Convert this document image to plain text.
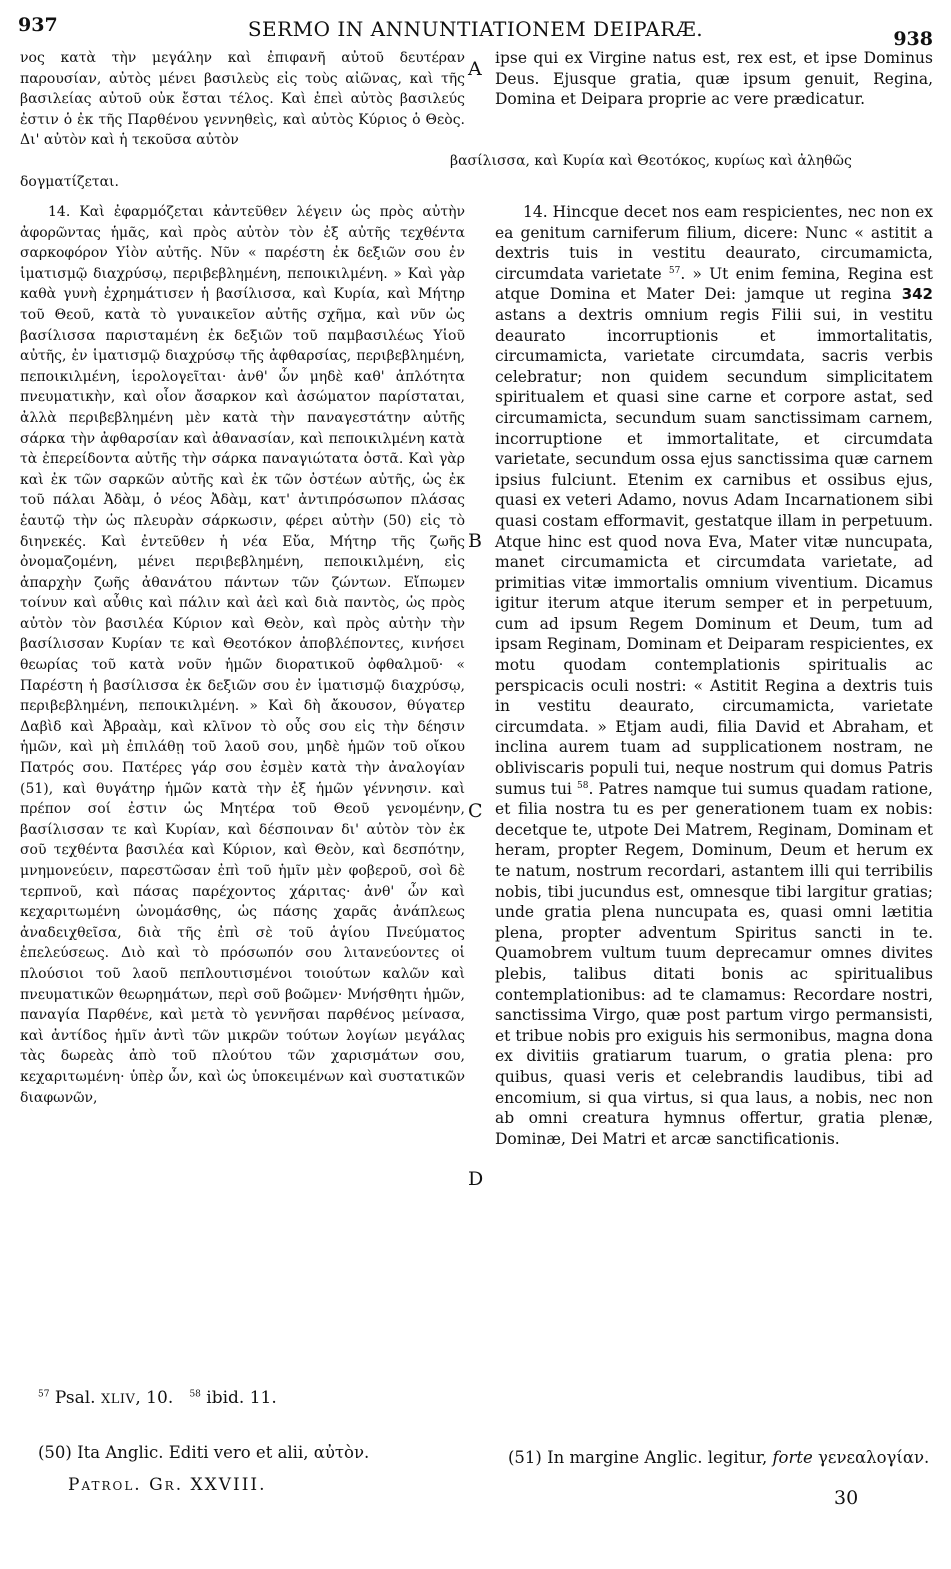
937	SERMO IN ANNUNTIATIONEM DEIPARÆ.	938

νος κατὰ τὴν μεγάλην καὶ ἐπιφανῆ αὐτοῦ δευτέραν παρουσίαν, αὐτὸς μένει βασιλεὺς εἰς τοὺς αἰῶνας, καὶ τῆς βασιλείας αὐτοῦ οὐκ ἔσται τέλος. Καὶ ἐπεὶ αὐτὸς βασιλεύς ἐστιν ὁ ἐκ τῆς Παρθένου γεννηθεὶς, καὶ αὐτὸς Κύριος ὁ Θεὸς. Δι' αὐτὸν καὶ ἡ τεκοῦσα αὐτὸν

ipse qui ex Virgine natus est, rex est, et ipse Dominus Deus. Ejusque gratia, quæ ipsum genuit, Regina, Domina et Deipara proprie ac vere prædicatur.

βασίλισσα, καὶ Κυρία καὶ Θεοτόκος, κυρίως καὶ ἀληθῶς δογματίζεται.
A
B
C
D

14. Καὶ ἐφαρμόζεται κἀντεῦθεν λέγειν ὡς πρὸς αὐτὴν ἀφορῶντας ἡμᾶς, καὶ πρὸς αὐτὸν τὸν ἐξ αὐτῆς τεχθέντα σαρκοφόρον Υἱὸν αὐτῆς. Νῦν « παρέστη ἐκ δεξιῶν σου ἐν ἱματισμῷ διαχρύσῳ, περιβεβλημένη, πεποικιλμένη. » Καὶ γὰρ καθὰ γυνὴ ἐχρημάτισεν ἡ βασίλισσα, καὶ Κυρία, καὶ Μήτηρ τοῦ Θεοῦ, κατὰ τὸ γυναικεῖον αὐτῆς σχῆμα, καὶ νῦν ὡς βασίλισσα παρισταμένη ἐκ δεξιῶν τοῦ παμβασιλέως Υἱοῦ αὐτῆς, ἐν ἱματισμῷ διαχρύσῳ τῆς ἀφθαρσίας, περιβεβλημένη, πεποικιλμένη, ἱερολογεῖται· ἀνθ' ὧν μηδὲ καθ' ἁπλότητα πνευματικὴν, καὶ οἷον ἄσαρκον καὶ ἀσώματον παρίσταται, ἀλλὰ περιβεβλημένη μὲν κατὰ τὴν παναγεστάτην αὐτῆς σάρκα τὴν ἀφθαρσίαν καὶ ἀθανασίαν, καὶ πεποικιλμένη κατὰ τὰ ἐπερείδοντα αὐτῆς τὴν σάρκα παναγιώτατα ὀστᾶ. Καὶ γὰρ καὶ ἐκ τῶν σαρκῶν αὐτῆς καὶ ἐκ τῶν ὀστέων αὐτῆς, ὡς ἐκ τοῦ πάλαι Ἀδὰμ, ὁ νέος Ἀδὰμ, κατ' ἀντιπρόσωπον πλάσας ἑαυτῷ τὴν ὡς πλευρὰν σάρκωσιν, φέρει αὐτὴν (50) εἰς τὸ διηνεκές. Καὶ ἐντεῦθεν ἡ νέα Εὔα, Μήτηρ τῆς ζωῆς ὀνομαζομένη, μένει περιβεβλημένη, πεποικιλμένη, εἰς ἀπαρχὴν ζωῆς ἀθανάτου πάντων τῶν ζώντων. Εἴπωμεν τοίνυν καὶ αὖθις καὶ πάλιν καὶ ἀεὶ καὶ διὰ παντὸς, ὡς πρὸς αὐτὸν τὸν βασιλέα Κύριον καὶ Θεὸν, καὶ πρὸς αὐτὴν τὴν βασίλισσαν Κυρίαν τε καὶ Θεοτόκον ἀποβλέποντες, κινήσει θεωρίας τοῦ κατὰ νοῦν ἡμῶν διορατικοῦ ὀφθαλμοῦ· « Παρέστη ἡ βασίλισσα ἐκ δεξιῶν σου ἐν ἱματισμῷ διαχρύσῳ, περιβεβλημένη, πεποικιλμένη. » Καὶ δὴ ἄκουσον, θύγατερ Δαβὶδ καὶ Ἀβραὰμ, καὶ κλῖνον τὸ οὖς σου εἰς τὴν δέησιν ἡμῶν, καὶ μὴ ἐπιλάθῃ τοῦ λαοῦ σου, μηδὲ ἡμῶν τοῦ οἴκου Πατρός σου. Πατέρες γάρ σου ἐσμὲν κατὰ τὴν ἀναλογίαν (51), καὶ θυγάτηρ ἡμῶν κατὰ τὴν ἐξ ἡμῶν γέννησιν. καὶ πρέπον σοί ἐστιν ὡς Μητέρα τοῦ Θεοῦ γενομένην, βασίλισσαν τε καὶ Κυρίαν, καὶ δέσποιναν δι' αὐτὸν τὸν ἐκ σοῦ τεχθέντα βασιλέα καὶ Κύριον, καὶ Θεὸν, καὶ δεσπότην, μνημονεύειν, παρεστῶσαν ἐπὶ τοῦ ἡμῖν μὲν φοβεροῦ, σοὶ δὲ τερπνοῦ, καὶ πάσας παρέχοντος χάριτας· ἀνθ' ὧν καὶ κεχαριτωμένη ὠνομάσθης, ὡς πάσης χαρᾶς ἀνάπλεως ἀναδειχθεῖσα, διὰ τῆς ἐπὶ σὲ τοῦ ἁγίου Πνεύματος ἐπελεύσεως. Διὸ καὶ τὸ πρόσωπόν σου λιτανεύοντες οἱ πλούσιοι τοῦ λαοῦ πεπλουτισμένοι τοιούτων καλῶν καὶ πνευματικῶν θεωρημάτων, περὶ σοῦ βοῶμεν· Μνήσθητι ἡμῶν, παναγία Παρθένε, καὶ μετὰ τὸ γεννῆσαι παρθένος μείνασα, καὶ ἀντίδος ἡμῖν ἀντὶ τῶν μικρῶν τούτων λογίων μεγάλας τὰς δωρεὰς ἀπὸ τοῦ πλούτου τῶν χαρισμάτων σου, κεχαριτωμένη· ὑπὲρ ὧν, καὶ ὡς ὑποκειμένων καὶ συστατικῶν διαφωνῶν,

14. Hincque decet nos eam respicientes, nec non ex ea genitum carniferum filium, dicere: Nunc « astitit a dextris tuis in vestitu deaurato, circumamicta, circumdata varietate $^{57}$. » Ut enim femina, Regina est atque Domina et Mater Dei: jamque ut regina 342 astans a dextris omnium regis Filii sui, in vestitu deaurato incorruptionis et immortalitatis, circumamicta, varietate circumdata, sacris verbis celebratur; non quidem secundum simplicitatem spiritualem et quasi sine carne et corpore astat, sed circumamicta, secundum suam sanctissimam carnem, incorruptione et immortalitate, et circumdata varietate, secundum ossa ejus sanctissima quæ carnem ipsius fulciunt. Etenim ex carnibus et ossibus ejus, quasi ex veteri Adamo, novus Adam Incarnationem sibi quasi costam efformavit, gestatque illam in perpetuum. Atque hinc est quod nova Eva, Mater vitæ nuncupata, manet circumamicta et circumdata varietate, ad primitias vitæ immortalis omnium viventium. Dicamus igitur iterum atque iterum semper et in perpetuum, cum ad ipsum Regem Dominum et Deum, tum ad ipsam Reginam, Dominam et Deiparam respicientes, ex motu quodam contemplationis spiritualis ac perspicacis oculi nostri: « Astitit Regina a dextris tuis in vestitu deaurato, circumamicta, varietate circumdata. » Etjam audi, filia David et Abraham, et inclina aurem tuam ad supplicationem nostram, ne obliviscaris populi tui, neque nostrum qui domus Patris sumus tui $^{58}$. Patres namque tui sumus quadam ratione, et filia nostra tu es per generationem tuam ex nobis: decetque te, utpote Dei Matrem, Reginam, Dominam et heram, propter Regem, Dominum, Deum et herum ex te natum, nostrum recordari, astantem illi qui terribilis nobis, tibi jucundus est, omnesque tibi largitur gratias; unde gratia plena nuncupata es, quasi omni lætitia plena, propter adventum Spiritus sancti in te. Quamobrem vultum tuum deprecamur omnes divites plebis, talibus ditati bonis ac spiritualibus contemplationibus: ad te clamamus: Recordare nostri, sanctissima Virgo, quæ post partum virgo permansisti, et tribue nobis pro exiguis his sermonibus, magna dona ex divitiis gratiarum tuarum, o gratia plena: pro quibus, quasi veris et celebrandis laudibus, tibi ad encomium, si qua virtus, si qua laus, a nobis, nec non ab omni creatura hymnus offertur, gratia plenæ, Dominæ, Dei Matri et arcæ sanctificationis.

$^{57}$ Psal. XLIV, 10. $^{58}$ ibid. 11.
(50) Ita Anglic. Editi vero et alii, αὐτὸν.	(51) In margine Anglic. legitur, forte γενεαλογίαν.
Patrol. Gr. XXVIII.
30
